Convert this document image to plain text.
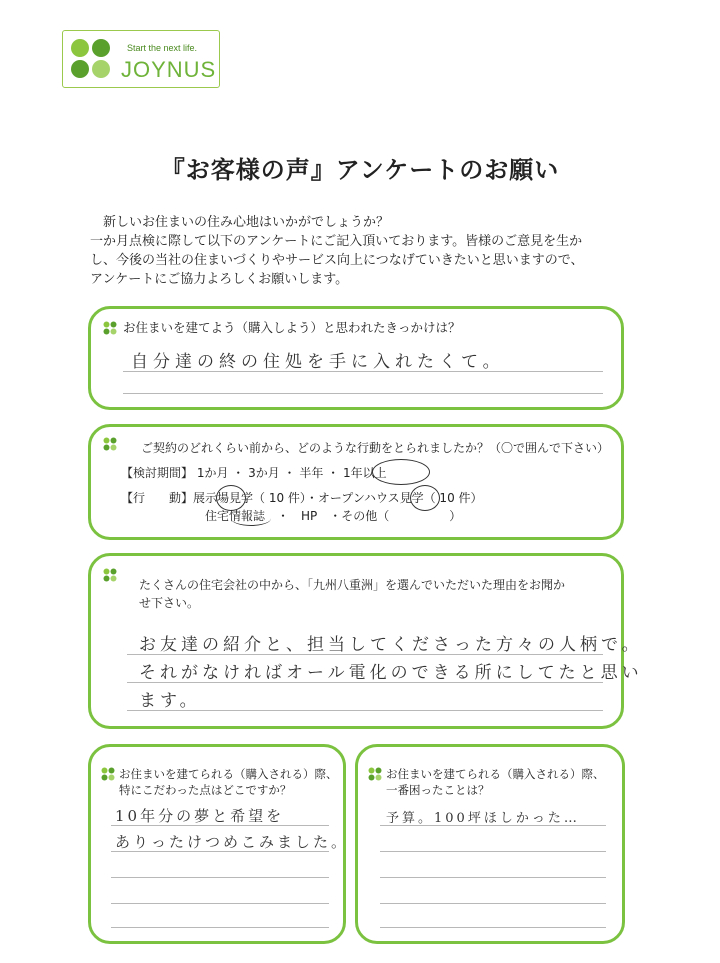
Start the next life.
JOYNUS
『お客様の声』アンケートのお願い
　新しいお住まいの住み心地はいかがでしょうか？
一か月点検に際して以下のアンケートにご記入頂いております。皆様のご意見を生か
し、今後の当社の住まいづくりやサービス向上につなげていきたいと思いますので、
アンケートにご協力よろしくお願いします。
お住まいを建てよう（購入しよう）と思われたきっかけは？
自分達の終の住処を手に入れたくて。
ご契約のどれくらい前から、どのような行動をとられましたか？（〇で囲んで下さい）
【検討期間】 1か月 ・ 3か月 ・ 半年 ・ 1年以上
【行　　動】展示場見学（ 10 件）・オープンハウス見学（ 10 件）
住宅情報誌　・　HP　・その他（　　　　　）
たくさんの住宅会社の中から、「九州八重洲」を選んでいただいた理由をお聞か
せ下さい。
お友達の紹介と、担当してくださった方々の人柄で。
それがなければオール電化のできる所にしてたと思い
ます。
お住まいを建てられる（購入される）際、
特にこだわった点はどこですか？
10年分の夢と希望を
ありったけつめこみました。
お住まいを建てられる（購入される）際、
一番困ったことは？
予算。100坪ほしかった…
